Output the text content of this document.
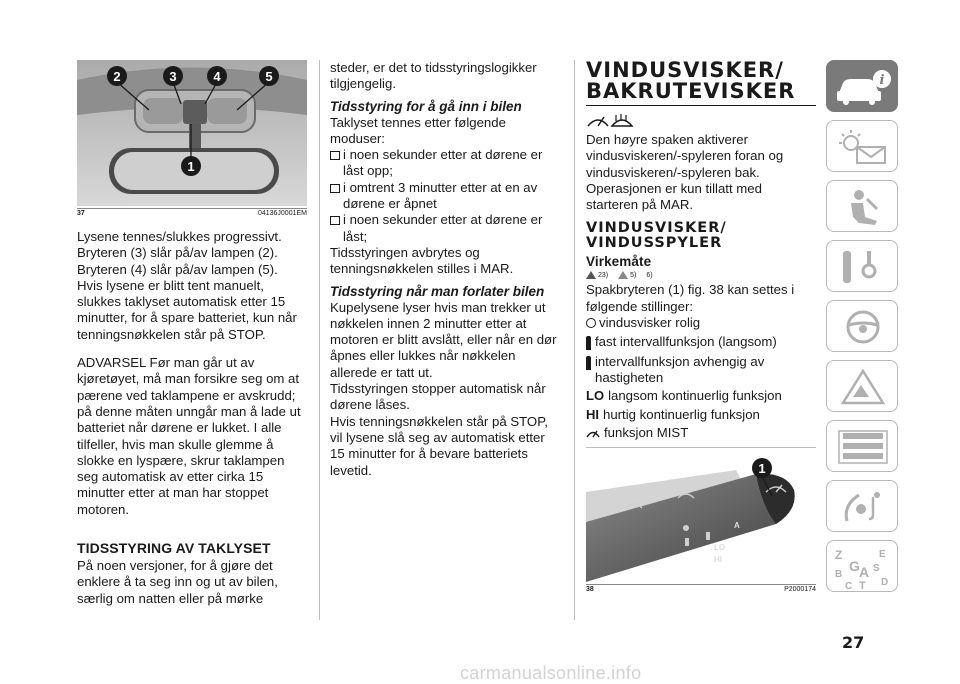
2	3	4	5
1
37	04136J0001EM

Lysene tennes/slukkes progressivt.

Bryteren (3) slår på/av lampen (2).

Bryteren (4) slår på/av lampen (5).

Hvis lysene er blitt tent manuelt, slukkes taklyset automatisk etter 15 minutter, for å spare batteriet, kun når tenningsnøkkelen står på STOP.

ADVARSEL Før man går ut av kjøretøyet, må man forsikre seg om at pærene ved taklampene er avskrudd; på denne måten unngår man å lade ut batteriet når dørene er lukket. I alle tilfeller, hvis man skulle glemme å slokke en lyspære, skrur taklampen seg automatisk av etter cirka 15 minutter etter at man har stoppet motoren.

TIDSSTYRING AV TAKLYSET

På noen versjoner, for å gjøre det enklere å ta seg inn og ut av bilen, særlig om natten eller på mørke

steder, er det to tidsstyringslogikker tilgjengelig.

Tidsstyring for å gå inn i bilen

Taklyset tennes etter følgende moduser:

i noen sekunder etter at dørene er låst opp;

i omtrent 3 minutter etter at en av dørene er åpnet

i noen sekunder etter at dørene er låst;

Tidsstyringen avbrytes og tenningsnøkkelen stilles i MAR.

Tidsstyring når man forlater bilen

Kupelysene lyser hvis man trekker ut nøkkelen innen 2 minutter etter at motoren er blitt avslått, eller når en dør åpnes eller lukkes når nøkkelen allerede er tatt ut.

Tidsstyringen stopper automatisk når dørene låses.

Hvis tenningsnøkkelen står på STOP, vil lysene slå seg av automatisk etter 15 minutter for å bevare batteriets levetid.

VINDUSVISKER/
BAKRUTEVISKER

Den høyre spaken aktiverer vindusviskeren/-spyleren foran og vindusviskeren/-spyleren bak.

Operasjonen er kun tillatt med starteren på MAR.

VINDUSVISKER/
VINDUSSPYLER
Virkemåte
23)	5) 6)

Spakbryteren (1) fig. 38 kan settes i følgende stillinger:

vindusvisker rolig

fast intervallfunksjon (langsom)

intervallfunksjon avhengig av hastigheten

LO langsom kontinuerlig funksjon

HI hurtig kontinuerlig funksjon

funksjon MIST

A
LO
HI
1
38	P2000174
i
Z	E
G S
A
B
C T D
27
carmanualsonline.info
